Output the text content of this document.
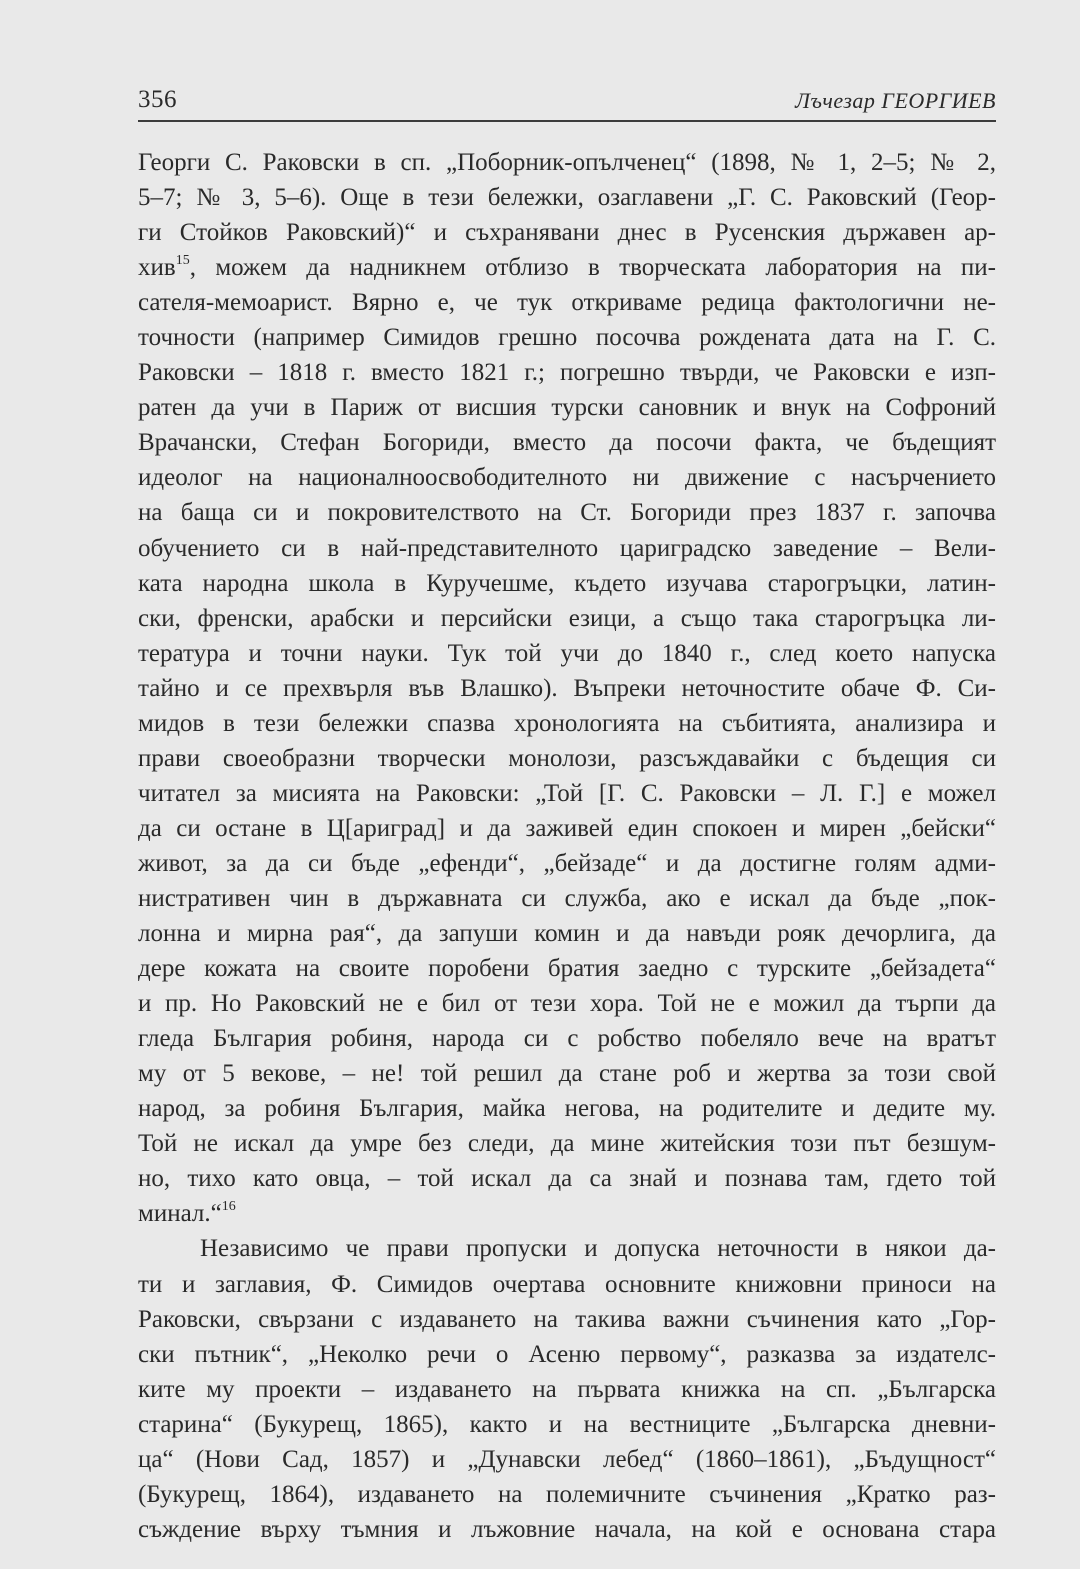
356	Лъчезар ГЕОРГИЕВ
Георги С. Раковски в сп. „Поборник-опълченец“ (1898, № 1, 2–5; № 2,
5–7; № 3, 5–6). Още в тези бележки, озаглавени „Г. С. Раковский (Геор-
ги Стойков Раковский)“ и съхранявани днес в Русенския държавен ар-
хив$^{15}$, можем да надникнем отблизо в творческата лаборатория на пи-
сателя-мемоарист. Вярно е, че тук откриваме редица фактологични не-
точности (например Симидов грешно посочва рождената дата на Г. С.
Раковски – 1818 г. вместо 1821 г.; погрешно твърди, че Раковски е изп-
ратен да учи в Париж от висшия турски сановник и внук на Софроний
Врачански, Стефан Богориди, вместо да посочи факта, че бъдещият
идеолог на националноосвободителното ни движение с насърчението
на баща си и покровителството на Ст. Богориди през 1837 г. започва
обучението си в най-представителното цариградско заведение – Вели-
ката народна школа в Куручешме, където изучава старогръцки, латин-
ски, френски, арабски и персийски езици, а също така старогръцка ли-
тература и точни науки. Тук той учи до 1840 г., след което напуска
тайно и се прехвърля във Влашко). Въпреки неточностите обаче Ф. Си-
мидов в тези бележки спазва хронологията на събитията, анализира и
прави своеобразни творчески монолози, разсъждавайки с бъдещия си
читател за мисията на Раковски: „Той [Г. С. Раковски – Л. Г.] е можел
да си остане в Ц[ариград] и да заживей един спокоен и мирен „бейски“
живот, за да си бъде „ефенди“, „бейзаде“ и да достигне голям адми-
нистративен чин в държавната си служба, ако е искал да бъде „пок-
лонна и мирна рая“, да запуши комин и да навъди рояк дечорлига, да
дере кожата на своите поробени братия заедно с турските „бейзадета“
и пр. Но Раковский не е бил от тези хора. Той не е можил да търпи да
гледа България робиня, народа си с робство побеляло вече на вратът
му от 5 векове, – не! той решил да стане роб и жертва за този свой
народ, за робиня България, майка негова, на родителите и дедите му.
Той не искал да умре без следи, да мине житейския този път безшум-
но, тихо като овца, – той искал да са знай и познава там, гдето той
минал.“$^{16}$
Независимо че прави пропуски и допуска неточности в някои да-
ти и заглавия, Ф. Симидов очертава основните книжовни приноси на
Раковски, свързани с издаването на такива важни съчинения като „Гор-
ски пътник“, „Неколко речи о Асеню первому“, разказва за издателс-
ките му проекти – издаването на първата книжка на сп. „Българска
старина“ (Букурещ, 1865), както и на вестниците „Българска дневни-
ца“ (Нови Сад, 1857) и „Дунавски лебед“ (1860–1861), „Бъдущност“
(Букурещ, 1864), издаването на полемичните съчинения „Кратко раз-
съждение върху тъмния и лъжовние начала, на кой е основана стара
